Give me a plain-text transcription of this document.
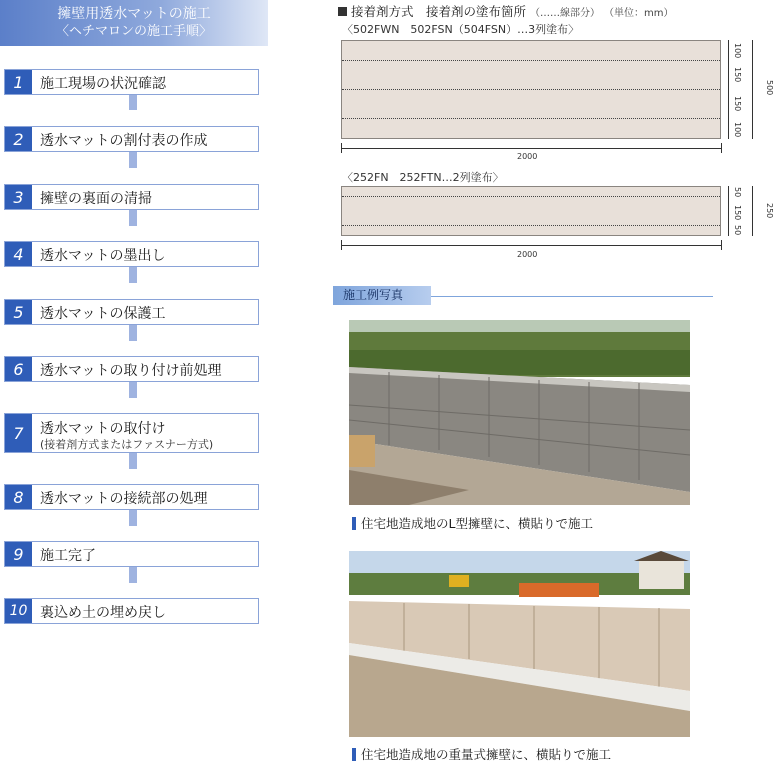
擁壁用透水マットの施工
〈ヘチマロンの施工手順〉
1	施工現場の状況確認
2	透水マットの割付表の作成
3	擁壁の裏面の清掃
4	透水マットの墨出し
5	透水マットの保護工
6	透水マットの取り付け前処理
7	透水マットの取付け
(接着剤方式またはファスナー方式)
8	透水マットの接続部の処理
9	施工完了
10 裏込め土の埋め戻し
接着剤方式　接着剤の塗布箇所 （……線部分） （単位：mm）
〈502FWN　502FSN（504FSN）…3列塗布〉
100
150
150
100
500
2000
〈252FN　252FTN…2列塗布〉
50
150
50
250
2000
施工例写真
住宅地造成地のL型擁壁に、横貼りで施工
住宅地造成地の重量式擁壁に、横貼りで施工
